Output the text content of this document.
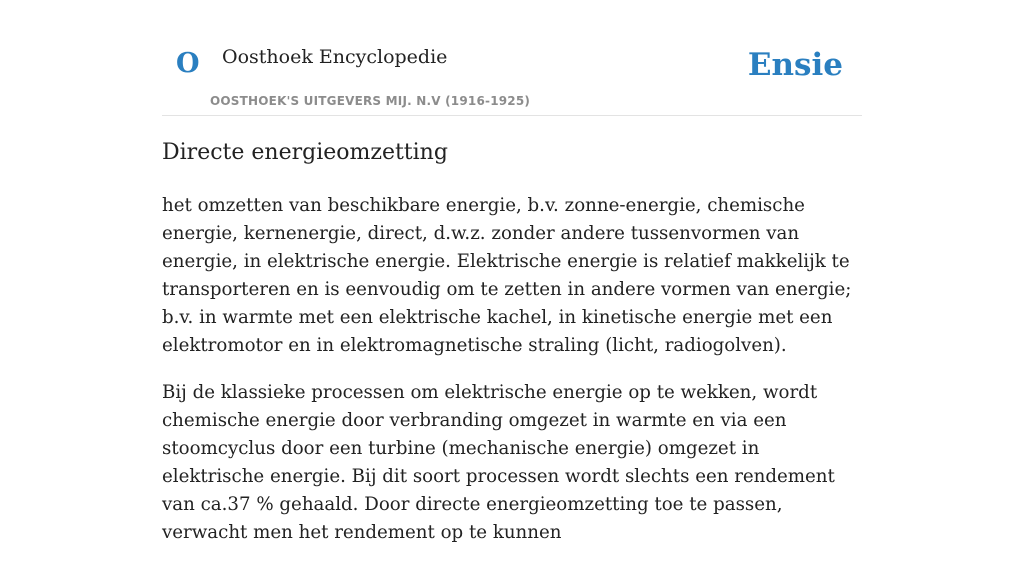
O Oosthoek Encyclopedie
OOSTHOEK'S UITGEVERS MIJ. N.V (1916-1925)
Ensie
Directe energieomzetting

het omzetten van beschikbare energie, b.v. zonne-energie, chemische energie, kernenergie, direct, d.w.z. zonder andere tussenvormen van energie, in elektrische energie. Elektrische energie is relatief makkelijk te transporteren en is eenvoudig om te zetten in andere vormen van energie; b.v. in warmte met een elektrische kachel, in kinetische energie met een elektromotor en in elektromagnetische straling (licht, radiogolven).

Bij de klassieke processen om elektrische energie op te wekken, wordt chemische energie door verbranding omgezet in warmte en via een stoomcyclus door een turbine (mechanische energie) omgezet in elektrische energie. Bij dit soort processen wordt slechts een rendement van ca.37 % gehaald. Door directe energieomzetting toe te passen, verwacht men het rendement op te kunnen
